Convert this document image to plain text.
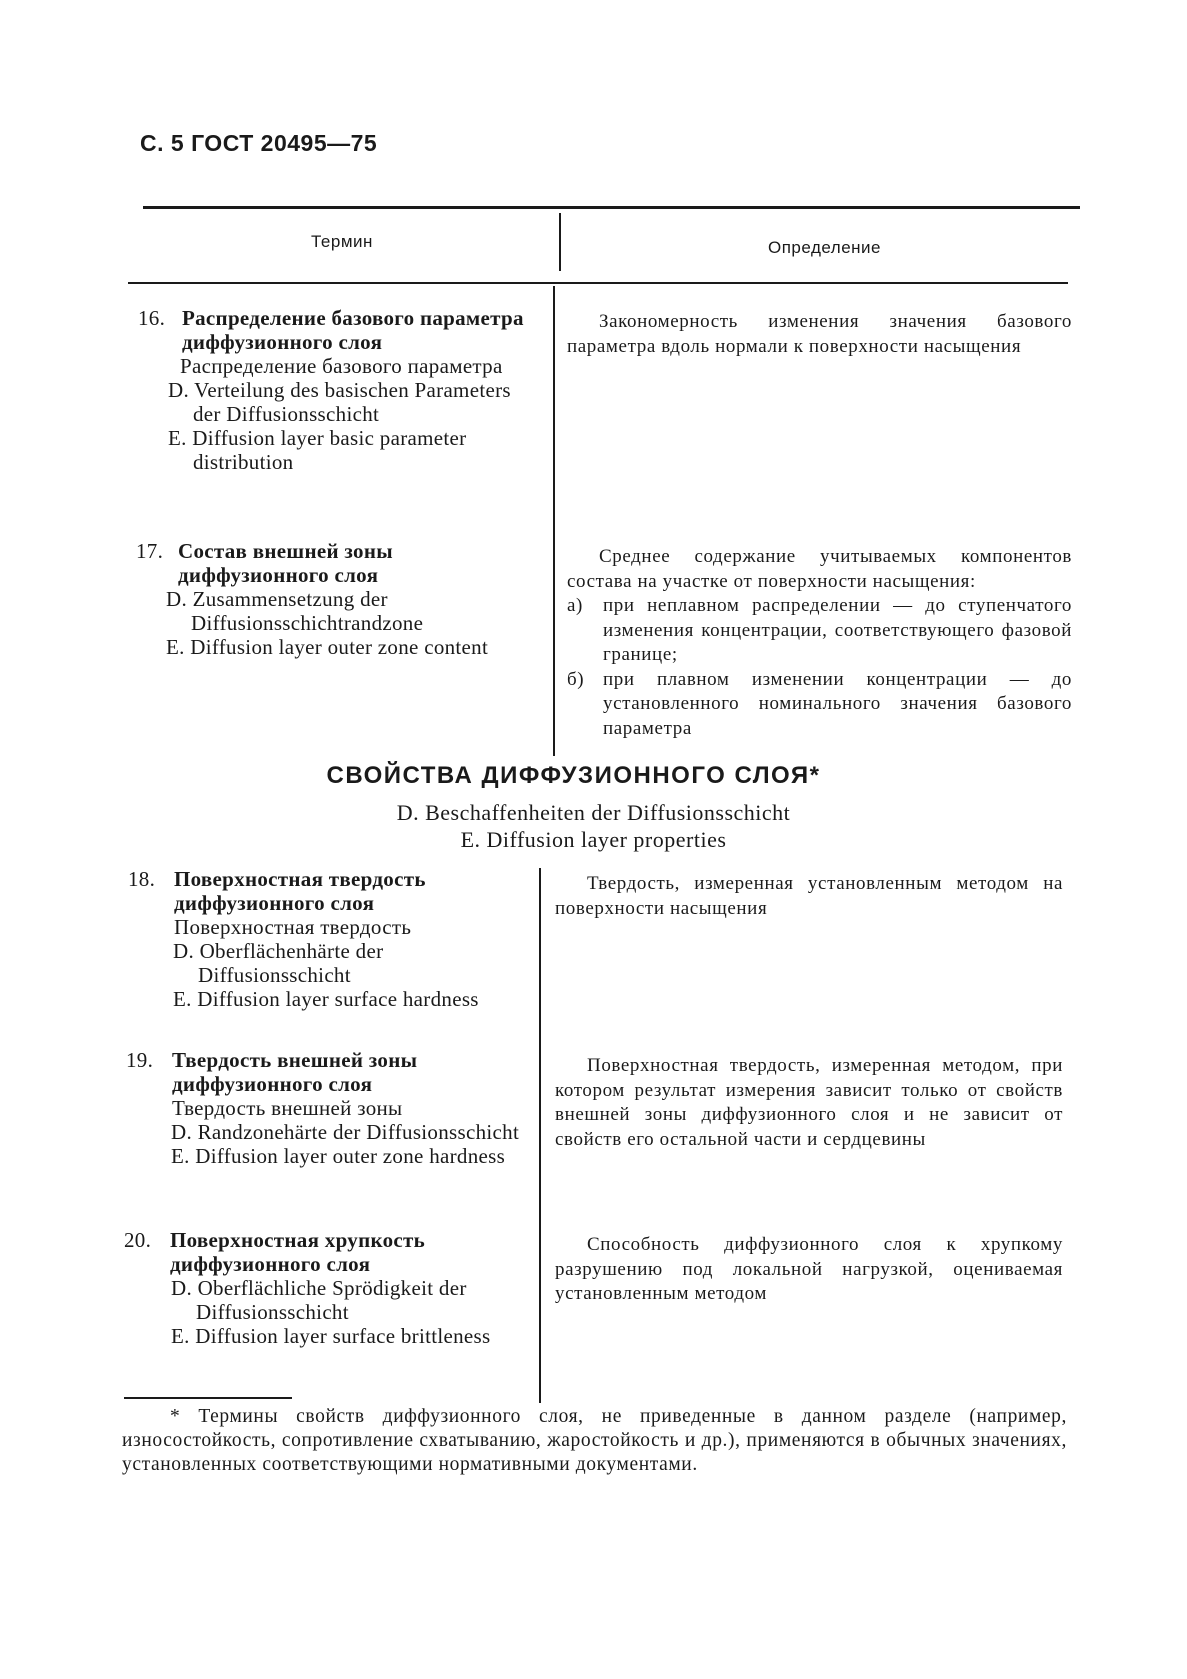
С. 5 ГОСТ 20495—75
Термин	Определение
16. Распределение базового параметра диффузионного слоя
Распределение базового параметра
D. Verteilung des basischen Parameters der Diffusionsschicht
E. Diffusion layer basic parameter distribution
Закономерность изменения значения базового параметра вдоль нормали к поверхности насыщения
17. Состав внешней зоны диффузионного слоя
D. Zusammensetzung der Diffusionsschichtrandzone
E. Diffusion layer outer zone content
Среднее содержание учитываемых компонентов состава на участке от поверхности насыщения:
а)	при неплавном распределении — до ступенчатого изменения концентрации, соответствующего фазовой границе;
б) при плавном изменении концентрации — до установленного номинального значения базового параметра
СВОЙСТВА ДИФФУЗИОННОГО СЛОЯ*
D. Beschaffenheiten der Diffusionsschicht
E. Diffusion layer properties
18. Поверхностная твердость диффузионного слоя
Поверхностная твердость
D. Oberflächenhärte der Diffusionsschicht
E. Diffusion layer surface hardness
Твердость, измеренная установленным методом на поверхности насыщения
19. Твердость внешней зоны диффузионного слоя
Твердость внешней зоны
D. Randzonehärte der Diffusionsschicht
E. Diffusion layer outer zone hardness
Поверхностная твердость, измеренная методом, при котором результат измерения зависит только от свойств внешней зоны диффузионного слоя и не зависит от свойств его остальной части и сердцевины
20. Поверхностная хрупкость диффузионного слоя
D. Oberflächliche Sprödigkeit der Diffusionsschicht
E. Diffusion layer surface brittleness
Способность диффузионного слоя к хрупкому разрушению под локальной нагрузкой, оцениваемая установленным методом
* Термины свойств диффузионного слоя, не приведенные в данном разделе (например, износостойкость, сопротивление схватыванию, жаростойкость и др.), применяются в обычных значениях, установленных соответствующими нормативными документами.
